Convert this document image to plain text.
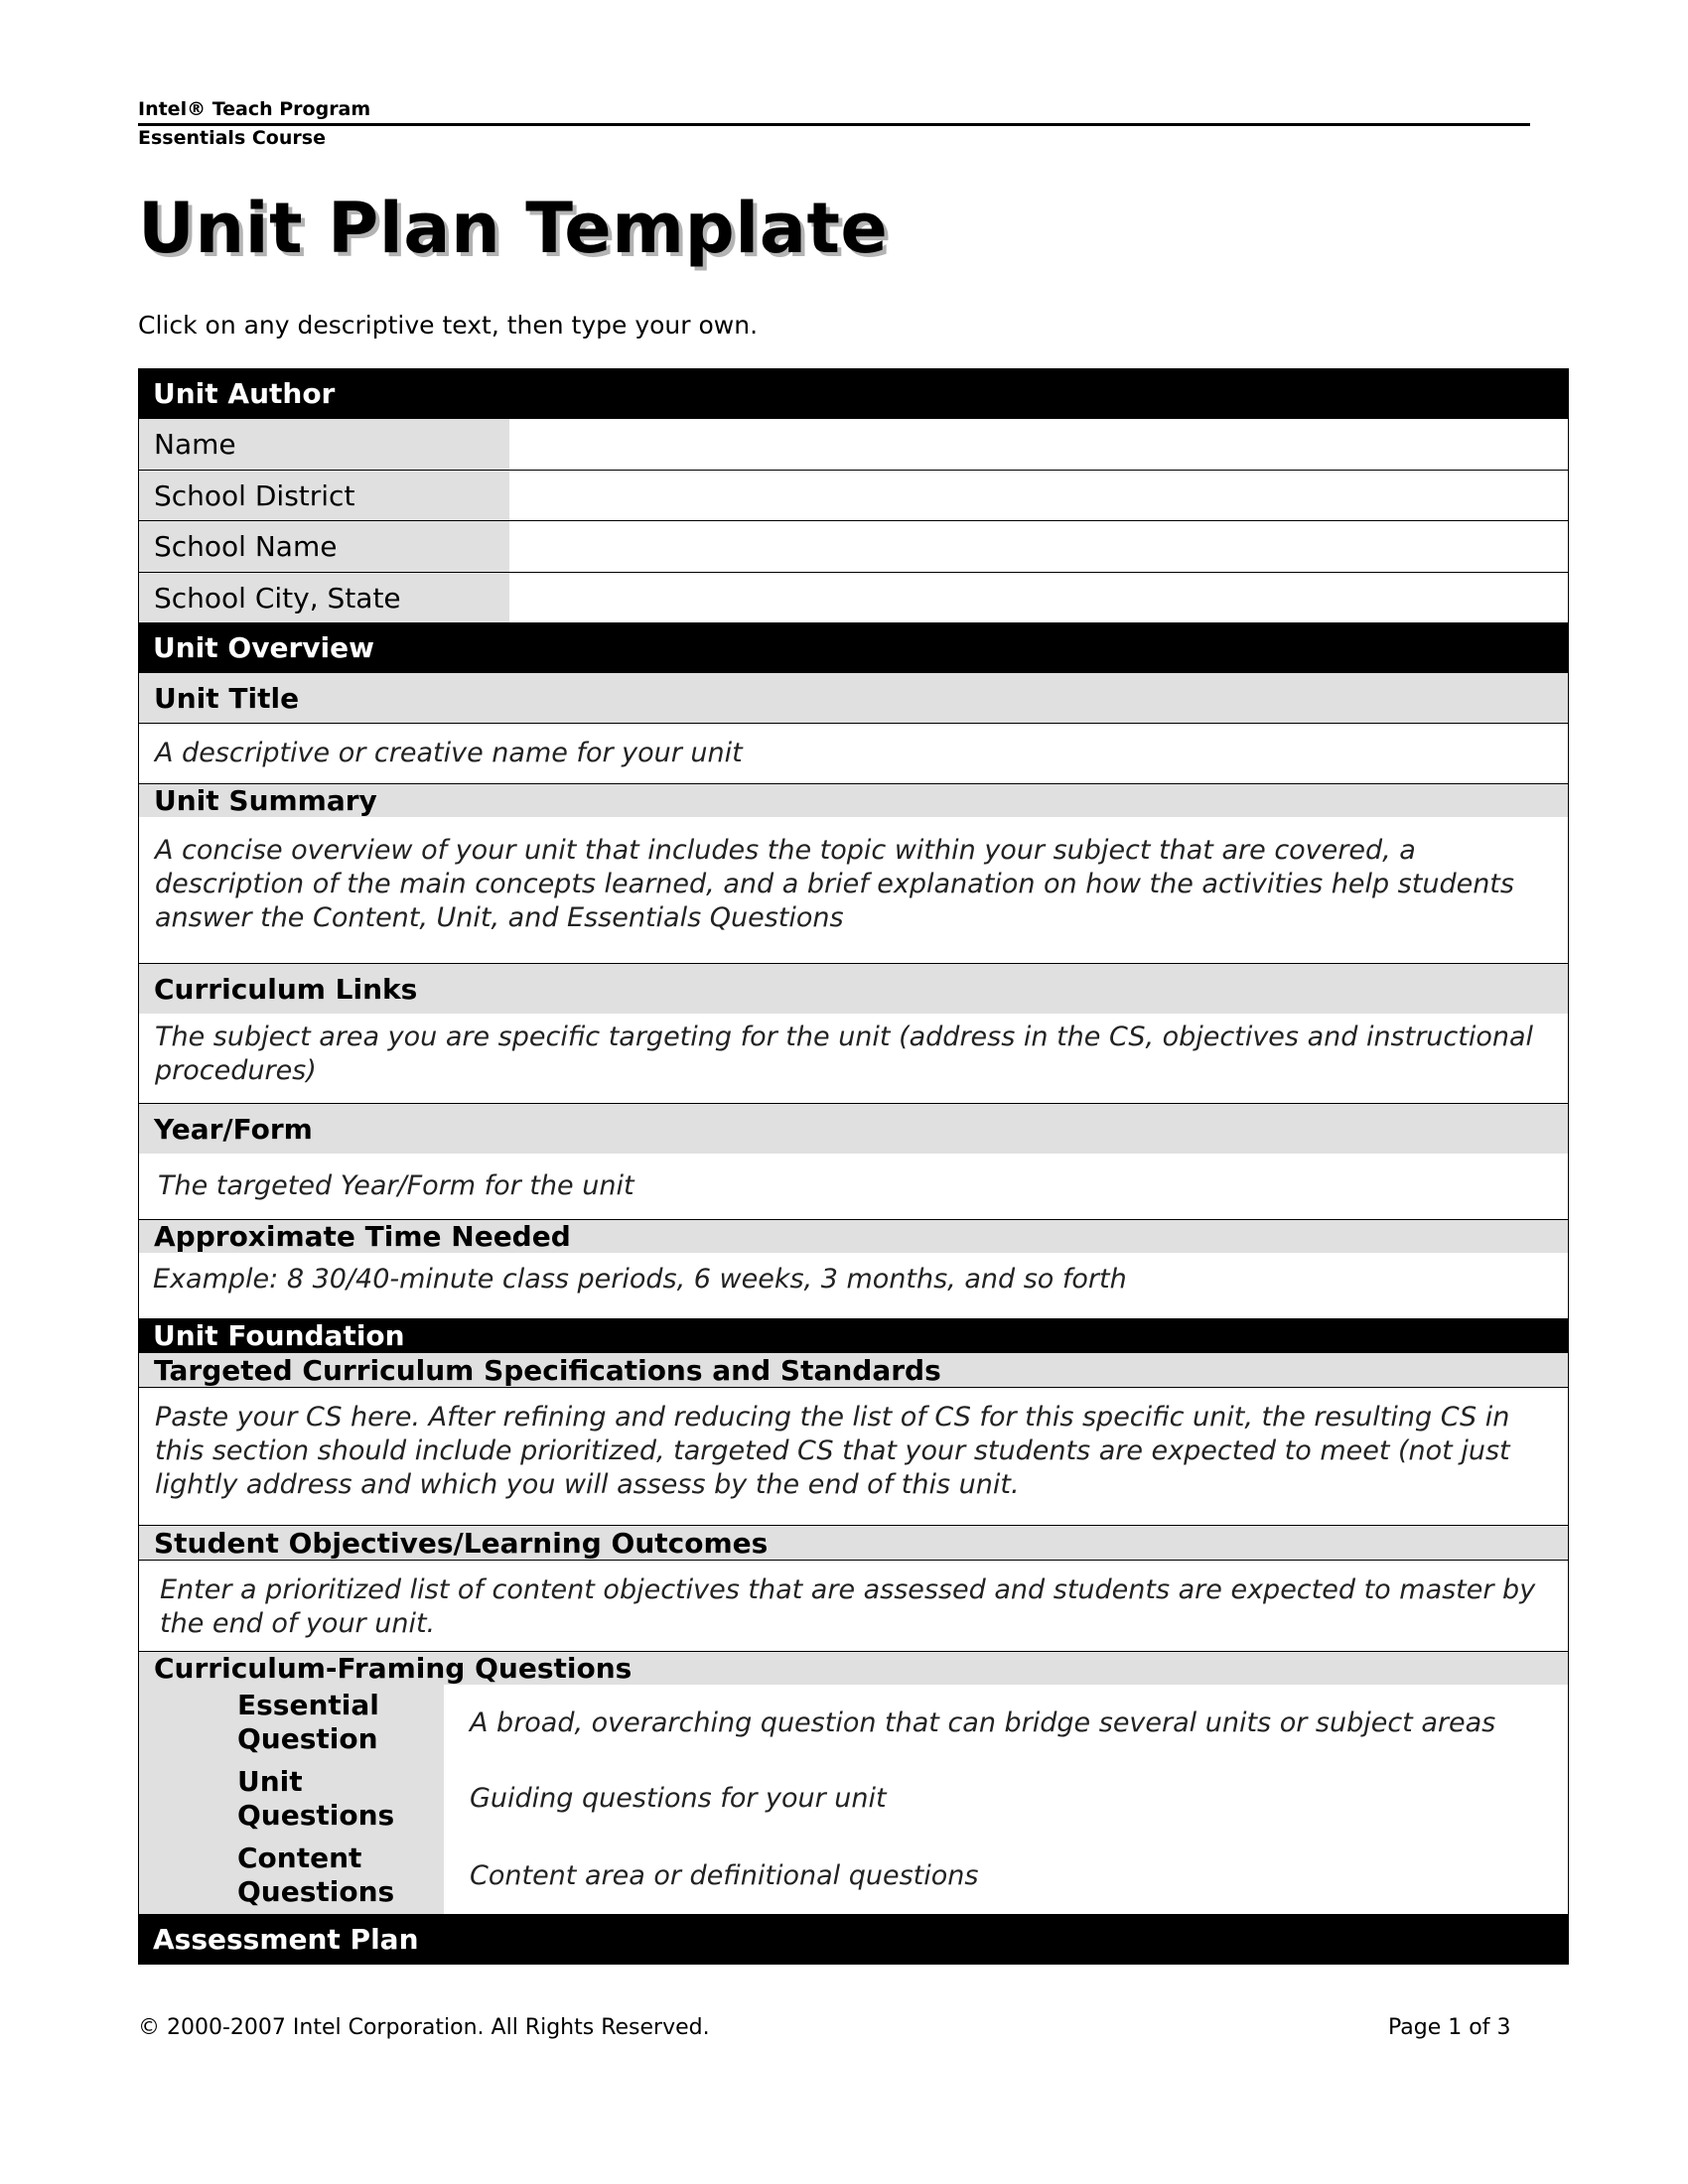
Intel® Teach Program
Essentials Course
Unit Plan Template
Click on any descriptive text, then type your own.
Unit Author
Name
School District
School Name
School City, State
Unit Overview
Unit Title
A descriptive or creative name for your unit
Unit Summary
A concise overview of your unit that includes the topic within your subject that are covered, a description of the main concepts learned, and a brief explanation on how the activities help students answer the Content, Unit, and Essentials Questions
Curriculum Links
The subject area you are specific targeting for the unit (address in the CS, objectives and instructional procedures)
Year/Form
The targeted Year/Form for the unit
Approximate Time Needed
Example: 8 30/40-minute class periods, 6 weeks, 3 months, and so forth
Unit Foundation
Targeted Curriculum Specifications and Standards
Paste your CS here. After refining and reducing the list of CS for this specific unit, the resulting CS in this section should include prioritized, targeted CS that your students are expected to meet (not just lightly address and which you will assess by the end of this unit.
Student Objectives/Learning Outcomes
Enter a prioritized list of content objectives that are assessed and students are expected to master by the end of your unit.
Curriculum-Framing Questions
Essential Question	A broad, overarching question that can bridge several units or subject areas
Unit Questions	Guiding questions for your unit
Content Questions	Content area or definitional questions
Assessment Plan
© 2000-2007 Intel Corporation. All Rights Reserved.	Page 1 of 3
